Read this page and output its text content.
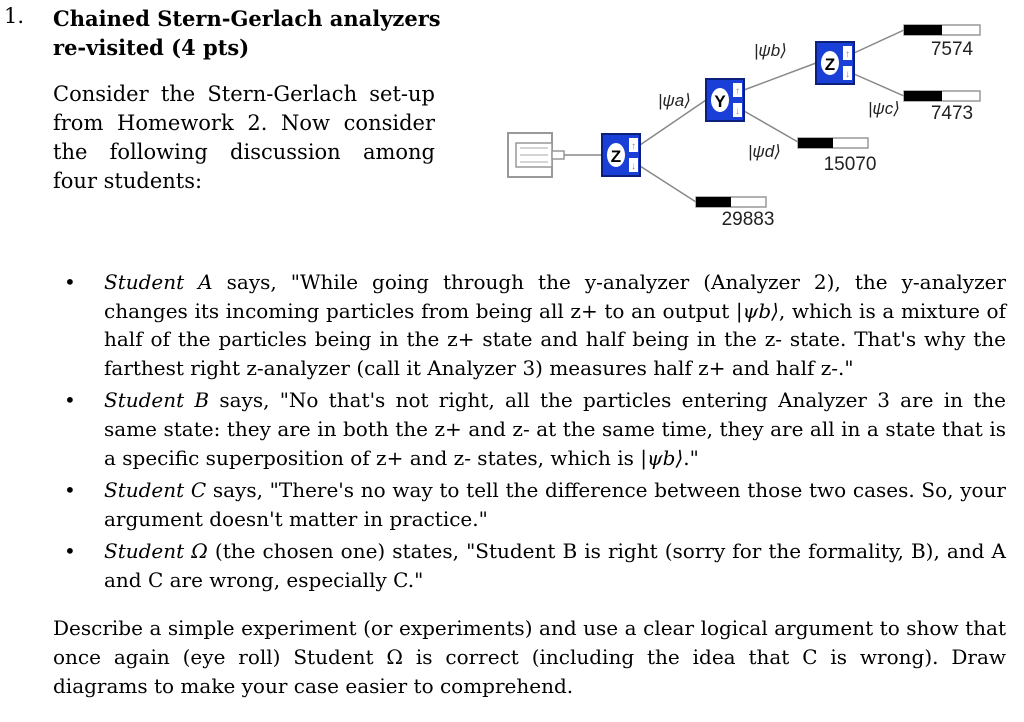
1. Chained Stern-Gerlach analyzers re-visited (4 pts)
Consider the Stern-Gerlach set-up from Homework 2. Now consider the following discussion among four students:
Z
↑
↓
Y
↑
↓
Z
↑
↓
29883
15070
7574
7473
|ψa⟩
|ψb⟩
|ψc⟩
|ψd⟩
• Student A says, "While going through the y-analyzer (Analyzer 2), the y-analyzer changes its incoming particles from being all z+ to an output |ψb⟩, which is a mixture of half of the particles being in the z+ state and half being in the z- state. That's why the farthest right z-analyzer (call it Analyzer 3) measures half z+ and half z-."
• Student B says, "No that's not right, all the particles entering Analyzer 3 are in the same state: they are in both the z+ and z- at the same time, they are all in a state that is a specific superposition of z+ and z- states, which is |ψb⟩."
• Student C says, "There's no way to tell the difference between those two cases. So, your argument doesn't matter in practice."
• Student Ω (the chosen one) states, "Student B is right (sorry for the formality, B), and A and C are wrong, especially C."
Describe a simple experiment (or experiments) and use a clear logical argument to show that once again (eye roll) Student Ω is correct (including the idea that C is wrong). Draw diagrams to make your case easier to comprehend.
